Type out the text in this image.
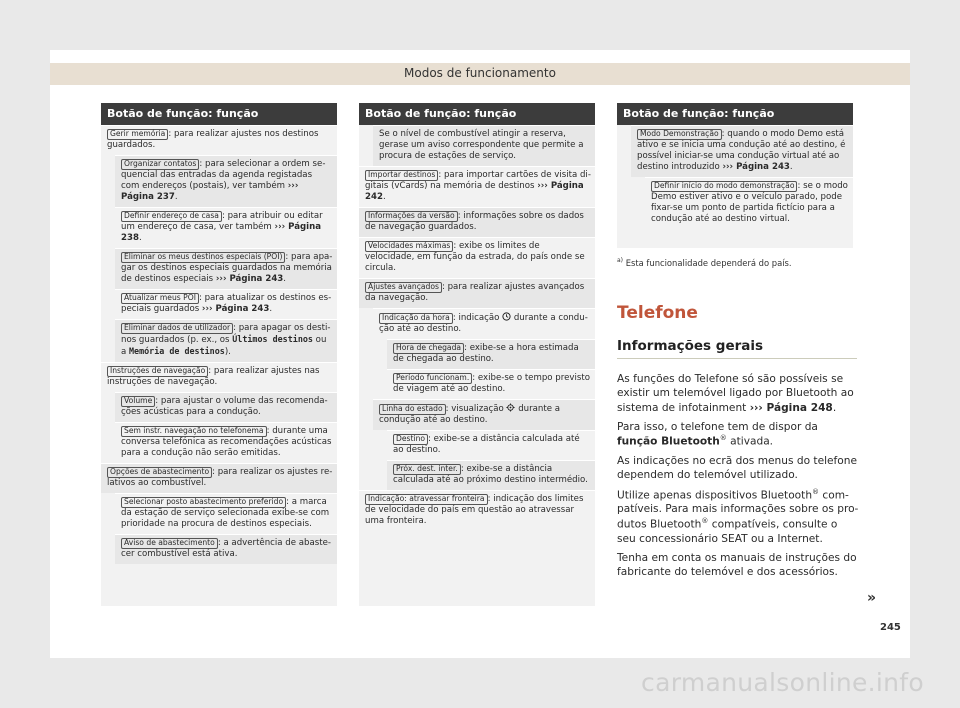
Modos de funcionamento
Botão de função: função
Gerir memória : para realizar ajustes nos destinos guardados.
Organizar contatos : para selecionar a ordem sequencial das entradas da agenda registadas com endereços (postais), ver também ››› Página 237.
Definir endereço de casa : para atribuir ou editar um endereço de casa, ver também ››› Página 238.
Eliminar os meus destinos especiais (POI) : para apagar os destinos especiais guardados na memória de destinos especiais ››› Página 243.
Atualizar meus POI : para atualizar os destinos especiais guardados ››› Página 243.
Eliminar dados de utilizador : para apagar os destinos guardados (p. ex., os Últimos destinos ou a Memória de destinos).
Instruções de navegação : para realizar ajustes nas instruções de navegação.
Volume : para ajustar o volume das recomendações acústicas para a condução.
Sem instr. navegação no telefonema : durante uma conversa telefónica as recomendações acústicas para a condução não serão emitidas.
Opções de abastecimento : para realizar os ajustes relativos ao combustível.
Selecionar posto abastecimento preferido : a marca da estação de serviço selecionada exibe-se com prioridade na procura de destinos especiais.
Aviso de abastecimento : a advertência de abastecer combustível está ativa.
Botão de função: função
Se o nível de combustível atingir a reserva, gerase um aviso correspondente que permite a procura de estações de serviço.
Importar destinos : para importar cartões de visita digitais (vCards) na memória de destinos ››› Página 242.
Informações da versão : informações sobre os dados de navegação guardados.
Velocidades máximas : exibe os limites de velocidade, em função da estrada, do país onde se circula.
Ajustes avançados : para realizar ajustes avançados da navegação.
Indicação da hora : indicação  durante a condução até ao destino.
Hora de chegada : exibe-se a hora estimada de chegada ao destino.
Período funcionam. : exibe-se o tempo previsto de viagem até ao destino.
Linha do estado : visualização  durante a condução até ao destino.
Destino : exibe-se a distância calculada até ao destino.
Próx. dest. inter. : exibe-se a distância calculada até ao próximo destino intermédio.
Indicação: atravessar fronteira : indicação dos limites de velocidade do país em questão ao atravessar uma fronteira.
Botão de função: função
Modo Demonstração : quando o modo Demo está ativo e se inicia uma condução até ao destino, é possível iniciar-se uma condução virtual até ao destino introduzido ››› Página 243.
Definir início do modo demonstração : se o modo Demo estiver ativo e o veículo parado, pode fixar-se um ponto de partida fictício para a condução até ao destino virtual.
$^{a)}$ Esta funcionalidade dependerá do país.
Telefone
Informações gerais

As funções do Telefone só são possíveis se existir um telemóvel ligado por Bluetooth ao sistema de infotainment ››› Página 248.

Para isso, o telefone tem de dispor da função Bluetooth® ativada.

As indicações no ecrã dos menus do telefone dependem do telemóvel utilizado.

Utilize apenas dispositivos Bluetooth® compatíveis. Para mais informações sobre os produtos Bluetooth® compatíveis, consulte o seu concessionário SEAT ou a Internet.

Tenha em conta os manuais de instruções do fabricante do telemóvel e dos acessórios.

»
245
carmanualsonline.info
